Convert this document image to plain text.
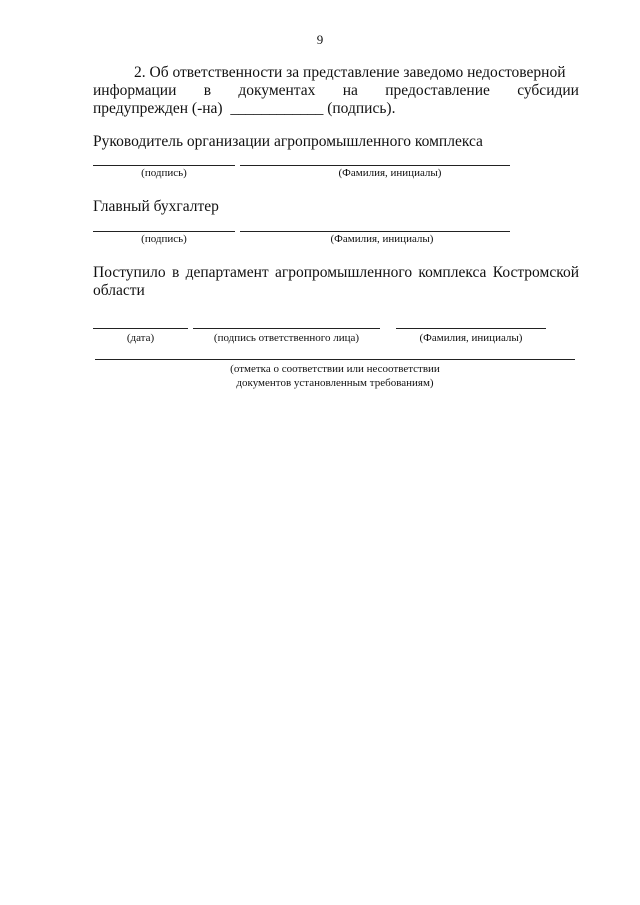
9
2. Об ответственности за представление заведомо недостоверной
информации в документах на предоставление субсидии
предупрежден (-на) ____________ (подпись).
Руководитель организации агропромышленного комплекса
(подпись)	(Фамилия, инициалы)
Главный бухгалтер
(подпись)	(Фамилия, инициалы)
Поступило в департамент агропромышленного комплекса Костромской
области
(дата)	(подпись ответственного лица)	(Фамилия, инициалы)
(отметка о соответствии или несоответствии
документов установленным требованиям)
